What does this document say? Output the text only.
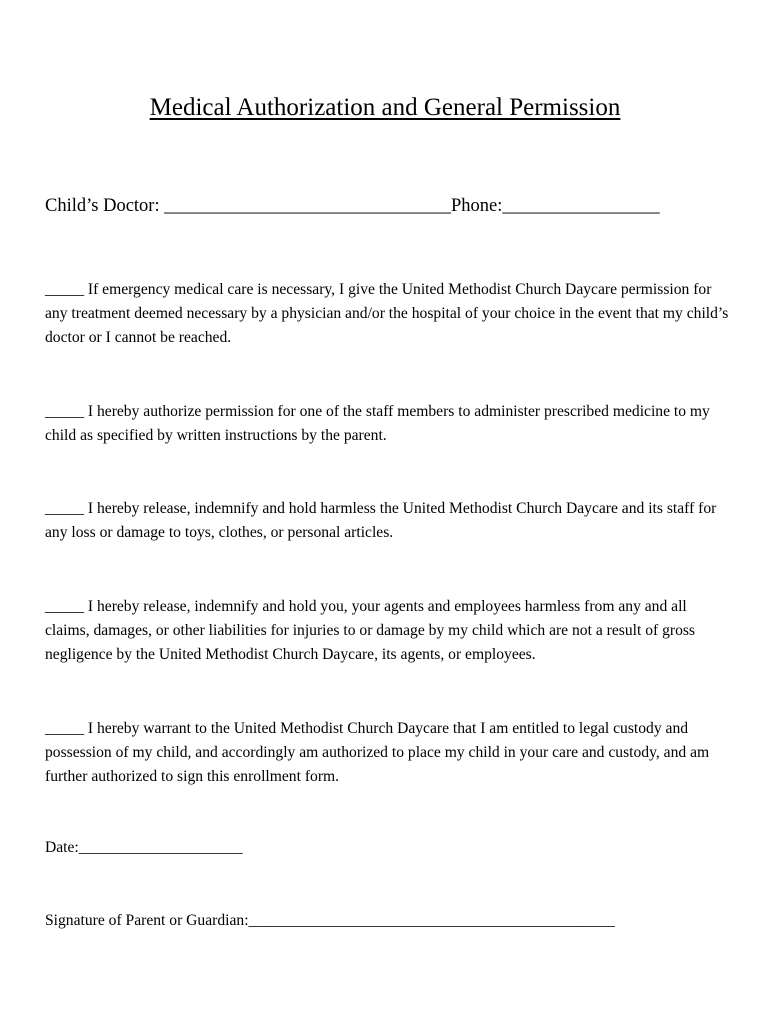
Medical Authorization and General Permission

Child’s Doctor: _______________________________Phone:_________________

_____ If emergency medical care is necessary, I give the United Methodist Church Daycare permission for any treatment deemed necessary by a physician and/or the hospital of your choice in the event that my child’s doctor or I cannot be reached.

_____ I hereby authorize permission for one of the staff members to administer prescribed medicine to my child as specified by written instructions by the parent.

_____ I hereby release, indemnify and hold harmless the United Methodist Church Daycare and its staff for any loss or damage to toys, clothes, or personal articles.

_____ I hereby release, indemnify and hold you, your agents and employees harmless from any and all claims, damages, or other liabilities for injuries to or damage by my child which are not a result of gross negligence by the United Methodist Church Daycare, its agents, or employees.

_____ I hereby warrant to the United Methodist Church Daycare that I am entitled to legal custody and possession of my child, and accordingly am authorized to place my child in your care and custody, and am further authorized to sign this enrollment form.

Date:_____________________

Signature of Parent or Guardian:_______________________________________________
